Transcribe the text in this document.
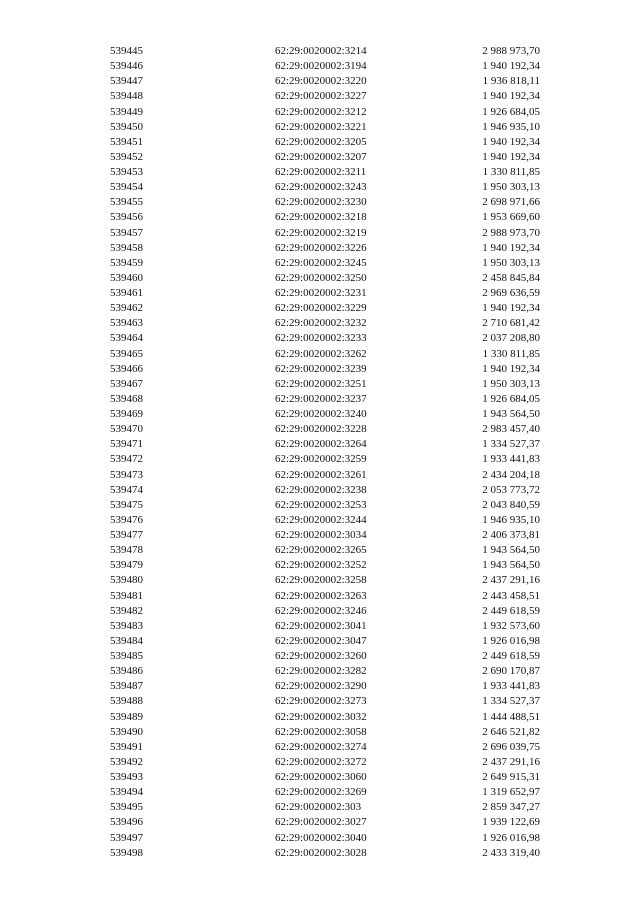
539445	62:29:0020002:3214	2 988 973,70
539446	62:29:0020002:3194	1 940 192,34
539447	62:29:0020002:3220	1 936 818,11
539448	62:29:0020002:3227	1 940 192,34
539449	62:29:0020002:3212	1 926 684,05
539450	62:29:0020002:3221	1 946 935,10
539451	62:29:0020002:3205	1 940 192,34
539452	62:29:0020002:3207	1 940 192,34
539453	62:29:0020002:3211	1 330 811,85
539454	62:29:0020002:3243	1 950 303,13
539455	62:29:0020002:3230	2 698 971,66
539456	62:29:0020002:3218	1 953 669,60
539457	62:29:0020002:3219	2 988 973,70
539458	62:29:0020002:3226	1 940 192,34
539459	62:29:0020002:3245	1 950 303,13
539460	62:29:0020002:3250	2 458 845,84
539461	62:29:0020002:3231	2 969 636,59
539462	62:29:0020002:3229	1 940 192,34
539463	62:29:0020002:3232	2 710 681,42
539464	62:29:0020002:3233	2 037 208,80
539465	62:29:0020002:3262	1 330 811,85
539466	62:29:0020002:3239	1 940 192,34
539467	62:29:0020002:3251	1 950 303,13
539468	62:29:0020002:3237	1 926 684,05
539469	62:29:0020002:3240	1 943 564,50
539470	62:29:0020002:3228	2 983 457,40
539471	62:29:0020002:3264	1 334 527,37
539472	62:29:0020002:3259	1 933 441,83
539473	62:29:0020002:3261	2 434 204,18
539474	62:29:0020002:3238	2 053 773,72
539475	62:29:0020002:3253	2 043 840,59
539476	62:29:0020002:3244	1 946 935,10
539477	62:29:0020002:3034	2 406 373,81
539478	62:29:0020002:3265	1 943 564,50
539479	62:29:0020002:3252	1 943 564,50
539480	62:29:0020002:3258	2 437 291,16
539481	62:29:0020002:3263	2 443 458,51
539482	62:29:0020002:3246	2 449 618,59
539483	62:29:0020002:3041	1 932 573,60
539484	62:29:0020002:3047	1 926 016,98
539485	62:29:0020002:3260	2 449 618,59
539486	62:29:0020002:3282	2 690 170,87
539487	62:29:0020002:3290	1 933 441,83
539488	62:29:0020002:3273	1 334 527,37
539489	62:29:0020002:3032	1 444 488,51
539490	62:29:0020002:3058	2 646 521,82
539491	62:29:0020002:3274	2 696 039,75
539492	62:29:0020002:3272	2 437 291,16
539493	62:29:0020002:3060	2 649 915,31
539494	62:29:0020002:3269	1 319 652,97
539495	62:29:0020002:303	2 859 347,27
539496	62:29:0020002:3027	1 939 122,69
539497	62:29:0020002:3040	1 926 016,98
539498	62:29:0020002:3028	2 433 319,40
